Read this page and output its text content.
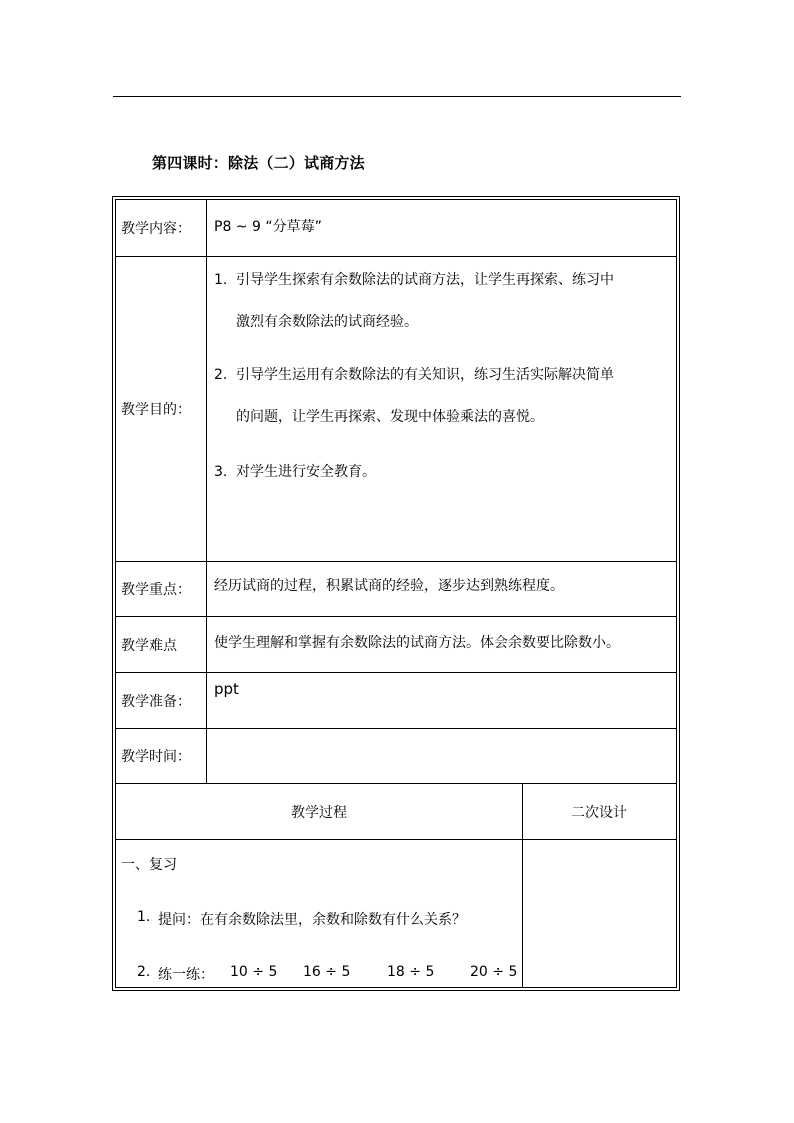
第四课时：除法（二）试商方法
教学内容：	P8 ~ 9 “分草莓”
教学目的：
1. 引导学生探索有余数除法的试商方法，让学生再探索、练习中
激烈有余数除法的试商经验。
2. 引导学生运用有余数除法的有关知识，练习生活实际解决简单
的问题，让学生再探索、发现中体验乘法的喜悦。
3. 对学生进行安全教育。
教学重点：	经历试商的过程，积累试商的经验，逐步达到熟练程度。
教学难点	使学生理解和掌握有余数除法的试商方法。体会余数要比除数小。
教学准备：
ppt
教学时间：
教学过程	二次设计
一、复习
1. 提问：在有余数除法里，余数和除数有什么关系？
2. 练一练： 10 ÷ 5 16 ÷ 5	18 ÷ 5	20 ÷ 5
